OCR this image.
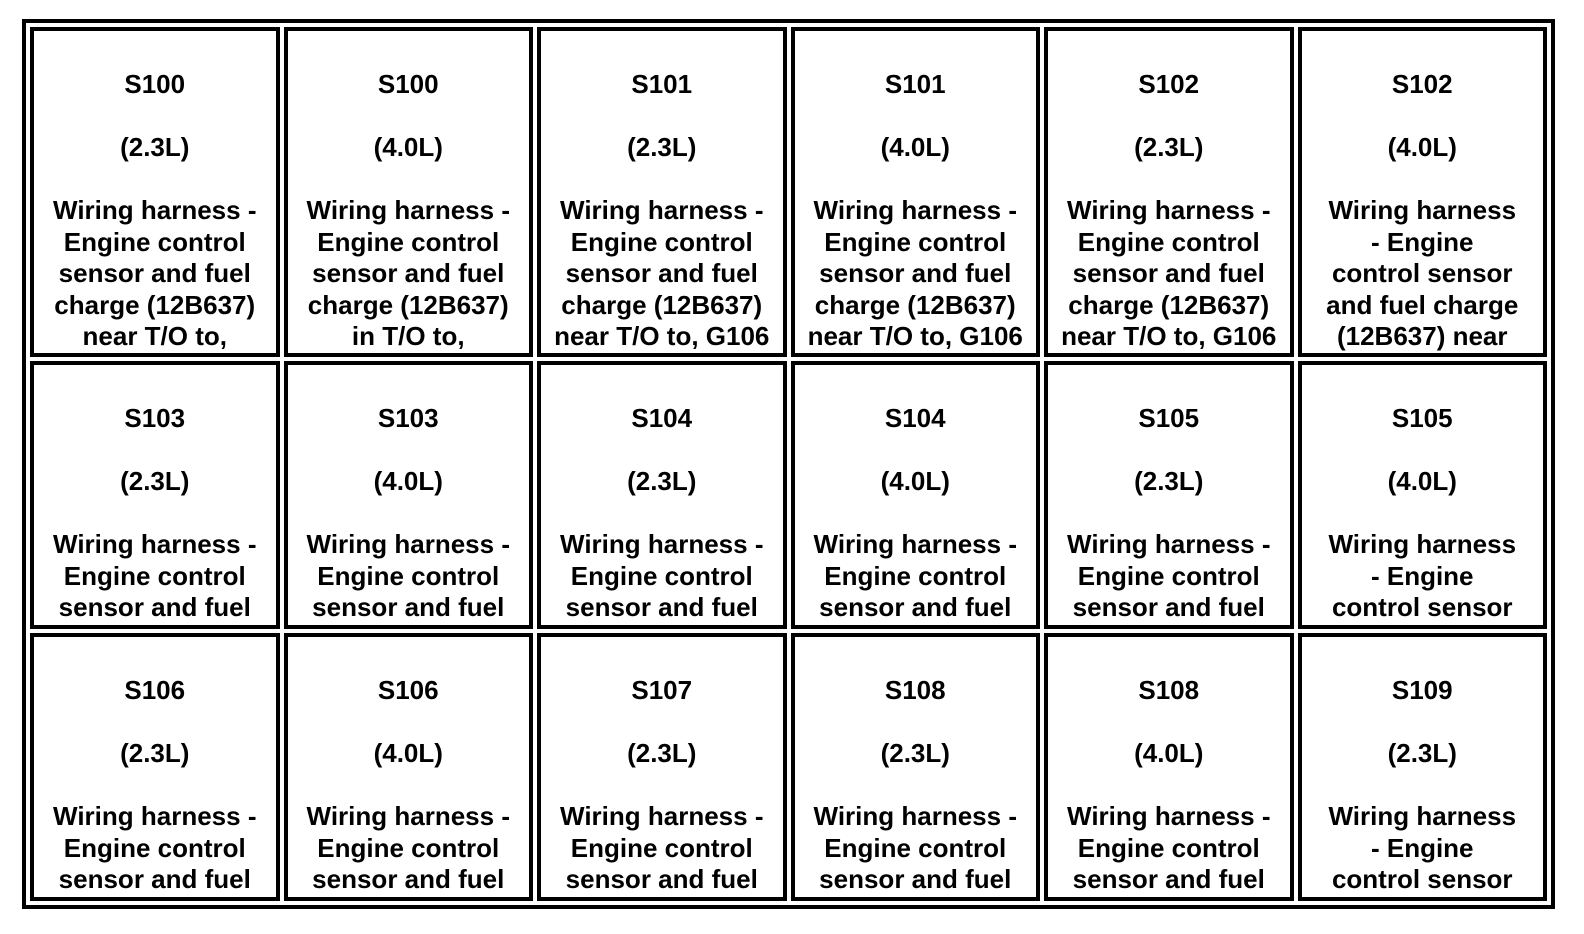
S100

(2.3L)

Wiring harness -
Engine control
sensor and fuel
charge (12B637)
near T/O to,

S100

(4.0L)

Wiring harness -
Engine control
sensor and fuel
charge (12B637)
in T/O to,

S101

(2.3L)

Wiring harness -
Engine control
sensor and fuel
charge (12B637)
near T/O to, G106

S101

(4.0L)

Wiring harness -
Engine control
sensor and fuel
charge (12B637)
near T/O to, G106

S102

(2.3L)

Wiring harness -
Engine control
sensor and fuel
charge (12B637)
near T/O to, G106

S102

(4.0L)

Wiring harness
- Engine
control sensor
and fuel charge
(12B637) near

S103

(2.3L)

Wiring harness -
Engine control
sensor and fuel

S103

(4.0L)

Wiring harness -
Engine control
sensor and fuel

S104

(2.3L)

Wiring harness -
Engine control
sensor and fuel

S104

(4.0L)

Wiring harness -
Engine control
sensor and fuel

S105

(2.3L)

Wiring harness -
Engine control
sensor and fuel

S105

(4.0L)

Wiring harness
- Engine
control sensor

S106

(2.3L)

Wiring harness -
Engine control
sensor and fuel

S106

(4.0L)

Wiring harness -
Engine control
sensor and fuel

S107

(2.3L)

Wiring harness -
Engine control
sensor and fuel

S108

(2.3L)

Wiring harness -
Engine control
sensor and fuel

S108

(4.0L)

Wiring harness -
Engine control
sensor and fuel

S109

(2.3L)

Wiring harness
- Engine
control sensor
